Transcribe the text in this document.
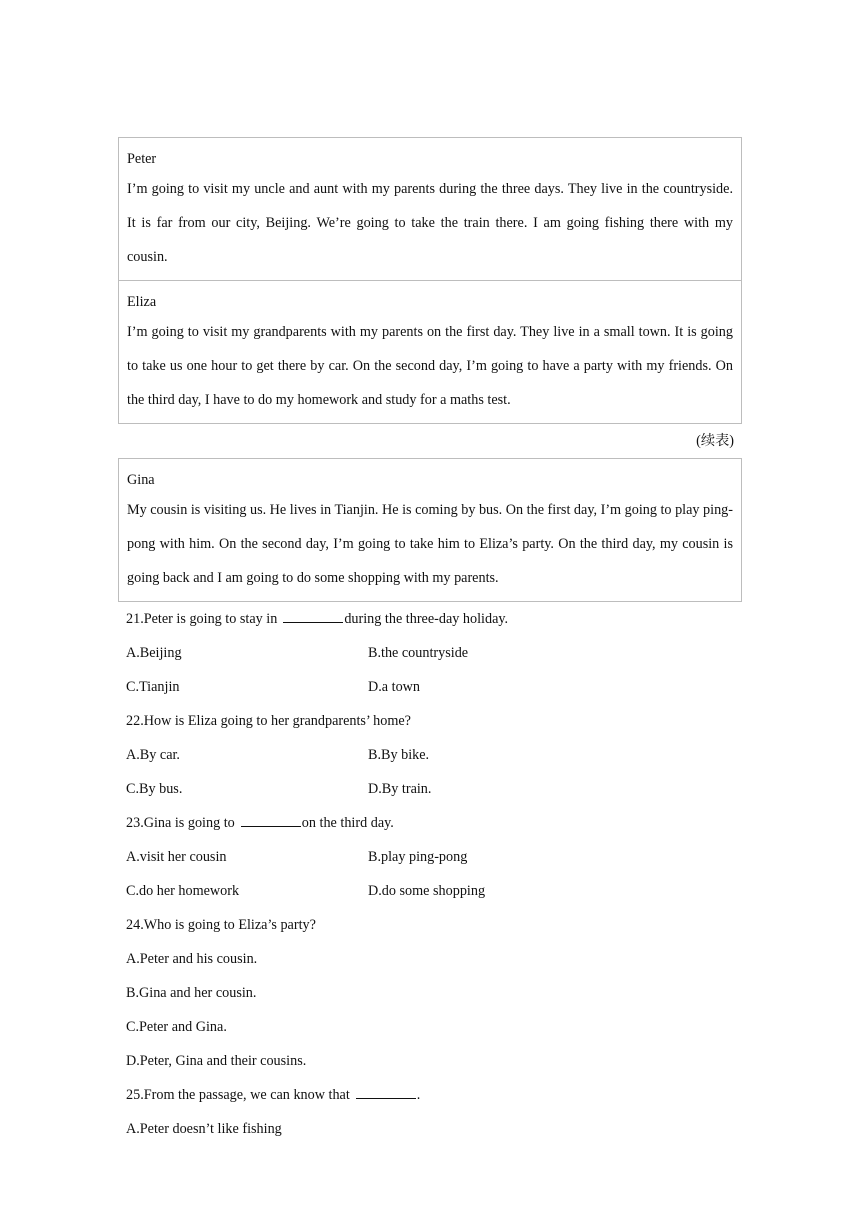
Peter
I’m going to visit my uncle and aunt with my parents during the three days. They live in the countryside. It is far from our city, Beijing. We’re going to take the train there. I am going fishing there with my cousin.
Eliza
I’m going to visit my grandparents with my parents on the first day. They live in a small town. It is going to take us one hour to get there by car. On the second day, I’m going to have a party with my friends. On the third day, I have to do my homework and study for a maths test.
(续表)
Gina
My cousin is visiting us. He lives in Tianjin. He is coming by bus. On the first day, I’m going to play ping-pong with him. On the second day, I’m going to take him to Eliza’s party. On the third day, my cousin is going back and I am going to do some shopping with my parents.
21.Peter is going to stay in	during the three-day holiday.
A.Beijing	B.the countryside
C.Tianjin	D.a town
22.How is Eliza going to her grandparents’ home?
A.By car.	B.By bike.
C.By bus.	D.By train.
23.Gina is going to	on the third day.
A.visit her cousin	B.play ping-pong
C.do her homework	D.do some shopping
24.Who is going to Eliza’s party?
A.Peter and his cousin.
B.Gina and her cousin.
C.Peter and Gina.
D.Peter, Gina and their cousins.
25.From the passage, we can know that	.
A.Peter doesn’t like fishing
